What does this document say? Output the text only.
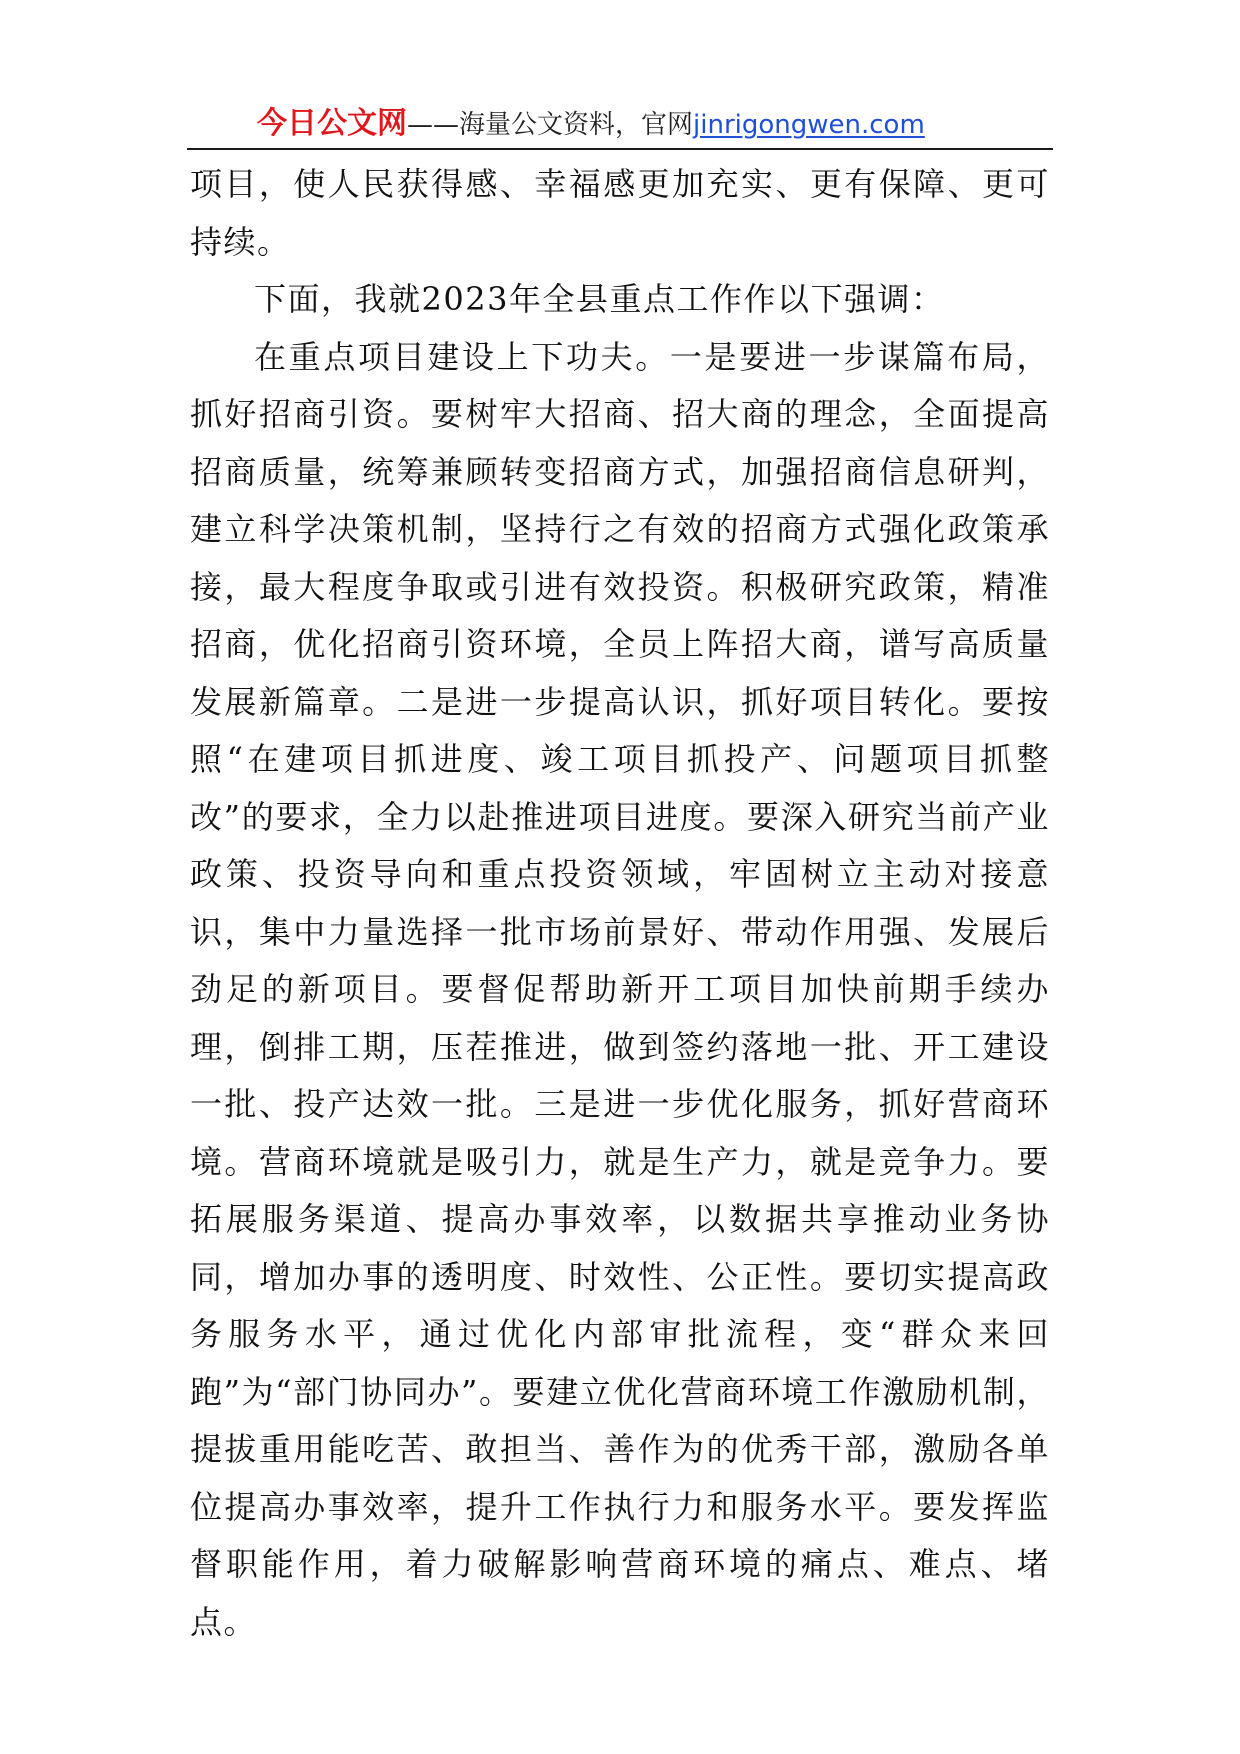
今日公文网——海量公文资料，官网jinrigongwen.com

项目，使人民获得感、幸福感更加充实、更有保障、更可持续。

下面，我就2023年全县重点工作作以下强调：

在重点项目建设上下功夫。一是要进一步谋篇布局，抓好招商引资。要树牢大招商、招大商的理念，全面提高招商质量，统筹兼顾转变招商方式，加强招商信息研判，建立科学决策机制，坚持行之有效的招商方式强化政策承接，最大程度争取或引进有效投资。积极研究政策，精准招商，优化招商引资环境，全员上阵招大商，谱写高质量发展新篇章。二是进一步提高认识，抓好项目转化。要按照“在建项目抓进度、竣工项目抓投产、问题项目抓整改”的要求，全力以赴推进项目进度。要深入研究当前产业政策、投资导向和重点投资领域，牢固树立主动对接意识，集中力量选择一批市场前景好、带动作用强、发展后劲足的新项目。要督促帮助新开工项目加快前期手续办理，倒排工期，压茬推进，做到签约落地一批、开工建设一批、投产达效一批。三是进一步优化服务，抓好营商环境。营商环境就是吸引力，就是生产力，就是竞争力。要拓展服务渠道、提高办事效率，以数据共享推动业务协同，增加办事的透明度、时效性、公正性。要切实提高政务服务水平，通过优化内部审批流程，变“群众来回跑”为“部门协同办”。要建立优化营商环境工作激励机制，提拔重用能吃苦、敢担当、善作为的优秀干部，激励各单位提高办事效率，提升工作执行力和服务水平。要发挥监督职能作用，着力破解影响营商环境的痛点、难点、堵点。
